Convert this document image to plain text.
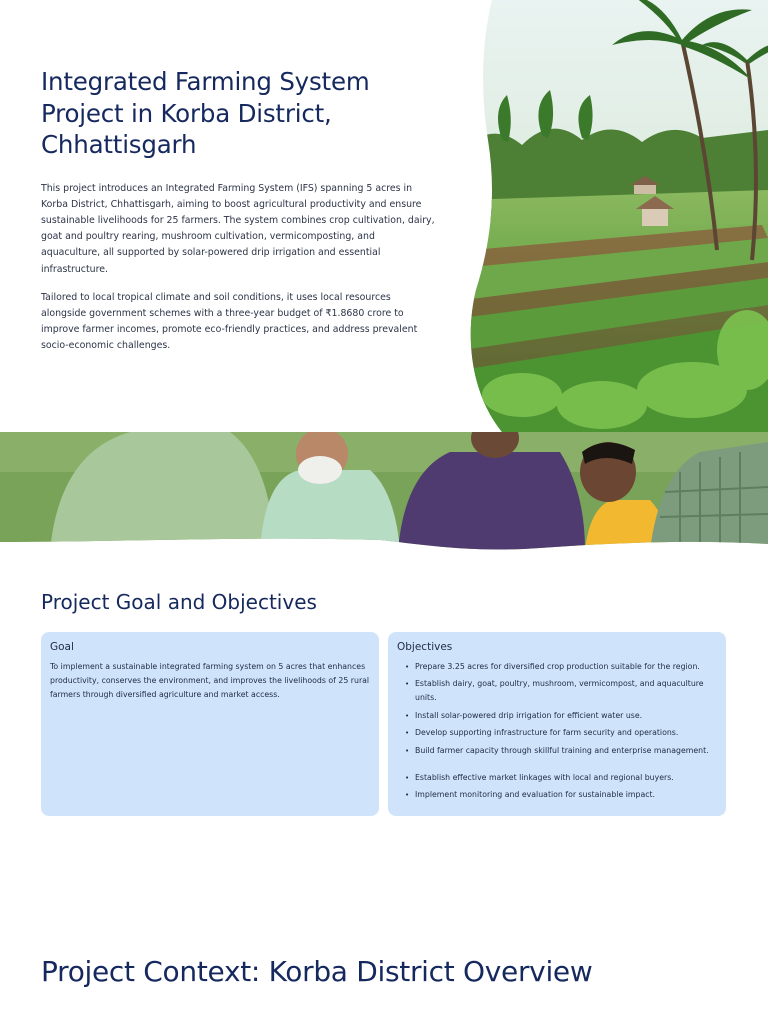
Integrated Farming System Project in Korba District, Chhattisgarh

This project introduces an Integrated Farming System (IFS) spanning 5 acres in Korba District, Chhattisgarh, aiming to boost agricultural productivity and ensure sustainable livelihoods for 25 farmers. The system combines crop cultivation, dairy, goat and poultry rearing, mushroom cultivation, vermicomposting, and aquaculture, all supported by solar-powered drip irrigation and essential infrastructure.

Tailored to local tropical climate and soil conditions, it uses local resources alongside government schemes with a three-year budget of ₹1.8680 crore to improve farmer incomes, promote eco-friendly practices, and address prevalent socio-economic challenges.

Project Goal and Objectives
Goal

To implement a sustainable integrated farming system on 5 acres that enhances productivity, conserves the environment, and improves the livelihoods of 25 rural farmers through diversified agriculture and market access.

Objectives
• Prepare 3.25 acres for diversified crop production suitable for the region.
• Establish dairy, goat, poultry, mushroom, vermicompost, and aquaculture units.
• Install solar-powered drip irrigation for efficient water use.
• Develop supporting infrastructure for farm security and operations.
• Build farmer capacity through skillful training and enterprise management.
• Establish effective market linkages with local and regional buyers.
• Implement monitoring and evaluation for sustainable impact.
Project Context: Korba District Overview
